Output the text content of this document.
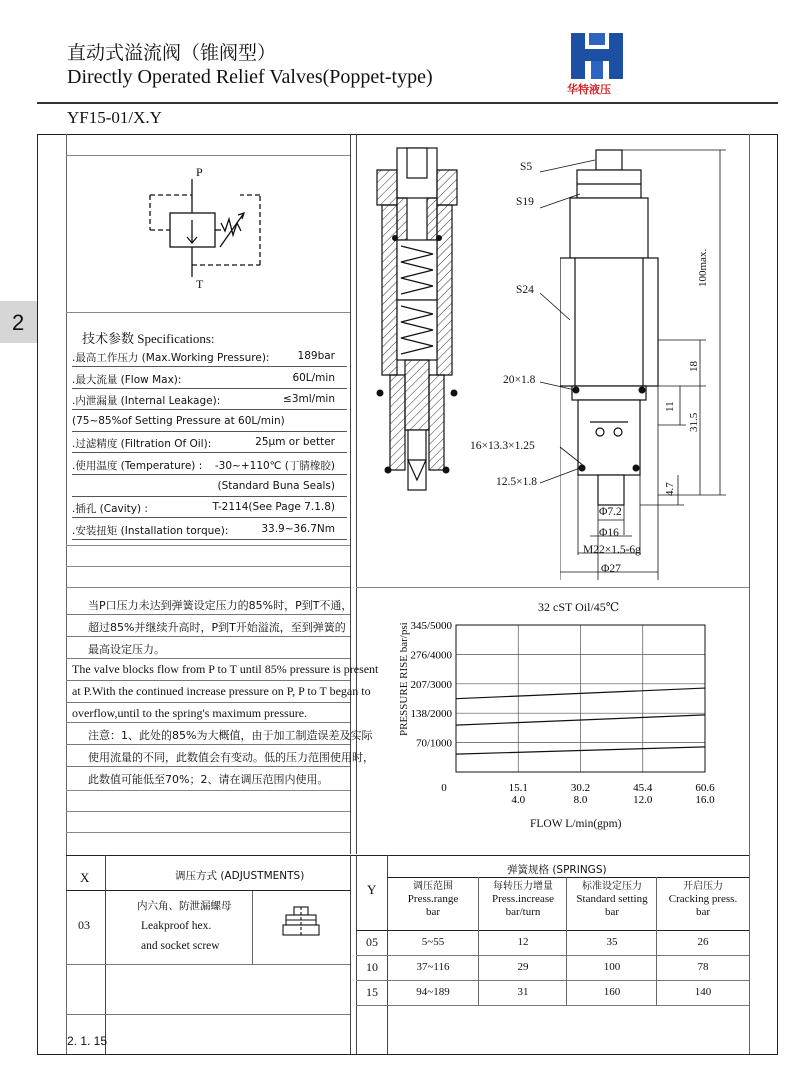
直动式溢流阀（锥阀型）
Directly Operated Relief Valves(Poppet-type)
华特液压
YF15-01/X.Y
2
P
T
技术参数 Specifications:
.最高工作压力 (Max.Working Pressure):	189bar
.最大流量 (Flow Max):	60L/min
.内泄漏量 (Internal Leakage):	≤3ml/min
(75~85%of Setting Pressure at 60L/min)
.过滤精度 (Filtration Of Oil):	25μm or better
.使用温度 (Temperature) : -30~+110℃ (丁腈橡胶)
(Standard Buna Seals)
.插孔 (Cavity) :	T-2114(See Page 7.1.8)
.安装扭矩 (Installation torque):	33.9~36.7Nm
S5
S19
S24
20×1.8
16×13.3×1.25
12.5×1.8
Φ7.2
Φ16
M22×1.5-6g
Φ27
100max.
18
11
31.5
4.7
当P口压力未达到弹簧设定压力的85%时，P到T不通，
超过85%并继续升高时，P到T开始溢流，至到弹簧的
最高设定压力。
The valve blocks flow from P to T until 85% pressure is present
at P.With the continued increase pressure on P, P to T began to
overflow,until to the spring's maximum pressure.
注意：1、此处的85%为大概值，由于加工制造误差及实际
使用流量的不同，此数值会有变动。低的压力范围使用时，
此数值可能低至70%；2、请在调压范围内使用。
32 cST Oil/45℃
PRESSURE RISE bar/psi
FLOW L/min(gpm)
70/1000
138/2000
207/3000
276/4000
345/5000
0	15.1	30.2	45.4	60.6
4.0	8.0	12.0	16.0
X	调压方式 (ADJUSTMENTS)
03
内六角、防泄漏螺母
Leakproof hex.
and socket screw
Y
弹簧规格 (SPRINGS)
调压范围
Press.range
bar
每转压力增量
Press.increase
bar/turn
标准设定压力
Standard setting
bar
开启压力
Cracking press.
bar
05	5~55	12	35	26
10	37~116	29	100	78
15	94~189	31	160	140
2. 1. 15
